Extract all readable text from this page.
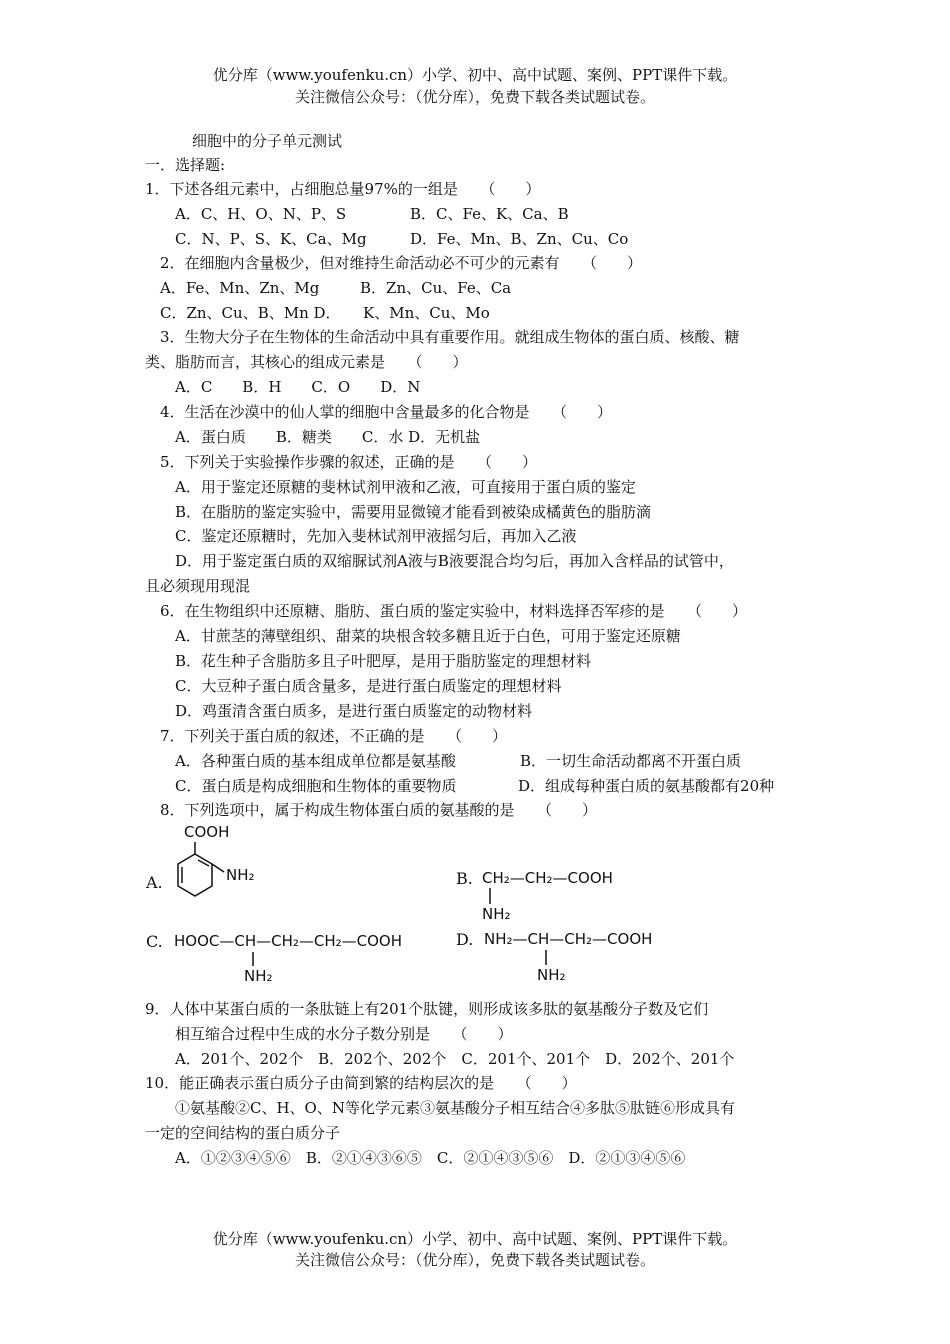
优分库（www.youfenku.cn）小学、初中、高中试题、案例、PPT课件下载。
关注微信公众号：（优分库），免费下载各类试题试卷。
细胞中的分子单元测试
一．选择题:
1．下述各组元素中，占细胞总量97%的一组是　　（　　）
A．C、H、O、N、P、S	B．C、Fe、K、Ca、B
C．N、P、S、K、Ca、Mg	D．Fe、Mn、B、Zn、Cu、Co
2．在细胞内含量极少，但对维持生命活动必不可少的元素有　　（　　）
A．Fe、Mn、Zn、Mg	B．Zn、Cu、Fe、Ca
C．Zn、Cu、B、Mn D．　　K、Mn、Cu、Mo
3．生物大分子在生物体的生命活动中具有重要作用。就组成生物体的蛋白质、核酸、糖
类、脂肪而言，其核心的组成元素是　　（　　）
A．C　　B．H　　C．O　　D．N
4．生活在沙漠中的仙人掌的细胞中含量最多的化合物是　　（　　）
A．蛋白质　　B．糖类　　C．水 D．无机盐
5．下列关于实验操作步骤的叙述，正确的是　　（　　）
A．用于鉴定还原糖的斐林试剂甲液和乙液，可直接用于蛋白质的鉴定
B．在脂肪的鉴定实验中，需要用显微镜才能看到被染成橘黄色的脂肪滴
C．鉴定还原糖时，先加入斐林试剂甲液摇匀后，再加入乙液
D．用于鉴定蛋白质的双缩脲试剂A液与B液要混合均匀后，再加入含样品的试管中，
且必须现用现混
6．在生物组织中还原糖、脂肪、蛋白质的鉴定实验中，材料选择否军疹的是　　（　　）
A．甘蔗茎的薄壁组织、甜菜的块根含较多糖且近于白色，可用于鉴定还原糖
B．花生种子含脂肪多且子叶肥厚，是用于脂肪鉴定的理想材料
C．大豆种子蛋白质含量多，是进行蛋白质鉴定的理想材料
D．鸡蛋清含蛋白质多，是进行蛋白质鉴定的动物材料
7．下列关于蛋白质的叙述，不正确的是　　（　　）
A．各种蛋白质的基本组成单位都是氨基酸	B．一切生命活动都离不开蛋白质
C．蛋白质是构成细胞和生物体的重要物质	D．组成每种蛋白质的氨基酸都有20种
8．下列选项中，属于构成生物体蛋白质的氨基酸的是　　（　　）
A.
COOH
NH₂	B. CH₂—CH₂—COOH
NH₂
C. HOOC—CH—CH₂—CH₂—COOH
NH₂
D. NH₂—CH—CH₂—COOH
NH₂
9．人体中某蛋白质的一条肽链上有201个肽键，则形成该多肽的氨基酸分子数及它们
相互缩合过程中生成的水分子数分别是　　（　　）
A．201个、202个　B．202个、202个　C．201个、201个　D．202个、201个
10．能正确表示蛋白质分子由简到繁的结构层次的是　　（　　）
①氨基酸②C、H、O、N等化学元素③氨基酸分子相互结合④多肽⑤肽链⑥形成具有
一定的空间结构的蛋白质分子
A．①②③④⑤⑥　B．②①④③⑥⑤　C．②①④③⑤⑥　D．②①③④⑤⑥
优分库（www.youfenku.cn）小学、初中、高中试题、案例、PPT课件下载。
关注微信公众号：（优分库），免费下载各类试题试卷。
